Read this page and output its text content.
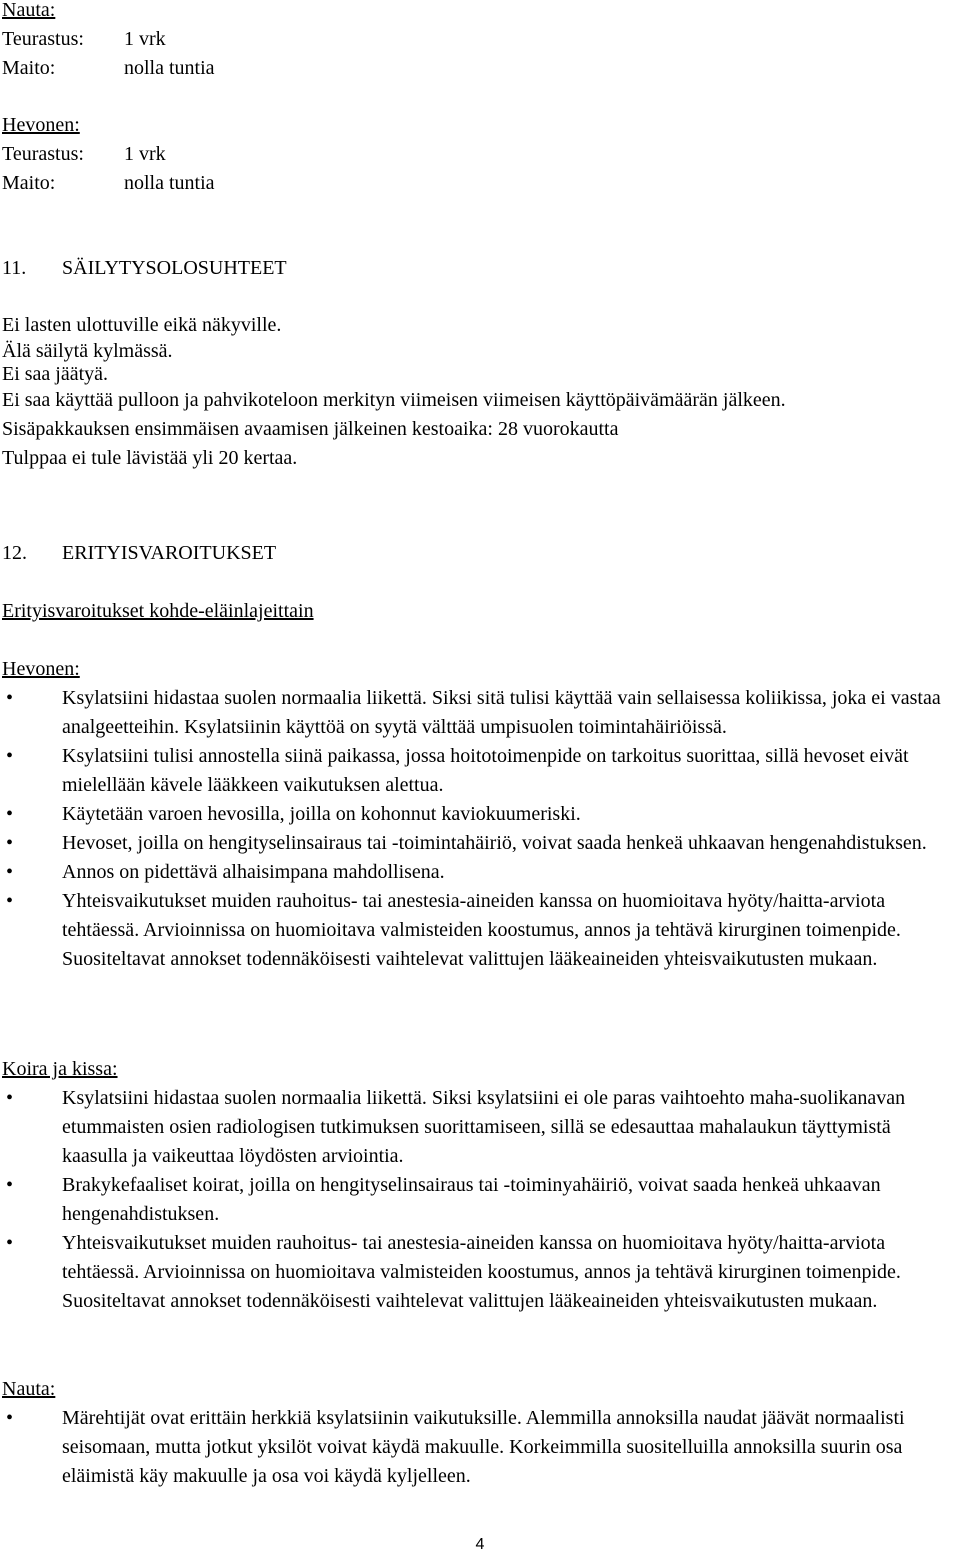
Nauta:
Teurastus:	1 vrk
Maito:	nolla tuntia
Hevonen:
Teurastus:	1 vrk
Maito:	nolla tuntia
11. SÄILYTYSOLOSUHTEET
Ei lasten ulottuville eikä näkyville.
Älä säilytä kylmässä.
Ei saa jäätyä.
Ei saa käyttää pulloon ja pahvikoteloon merkityn viimeisen viimeisen käyttöpäivämäärän jälkeen.
Sisäpakkauksen ensimmäisen avaamisen jälkeinen kestoaika: 28 vuorokautta
Tulppaa ei tule lävistää yli 20 kertaa.
12. ERITYISVAROITUKSET
Erityisvaroitukset kohde-eläinlajeittain
Hevonen:
• Ksylatsiini hidastaa suolen normaalia liikettä. Siksi sitä tulisi käyttää vain sellaisessa koliikissa, joka ei vastaa analgeetteihin. Ksylatsiinin käyttöä on syytä välttää umpisuolen toimintahäiriöissä.
• Ksylatsiini tulisi annostella siinä paikassa, jossa hoitotoimenpide on tarkoitus suorittaa, sillä hevoset eivät mielellään kävele lääkkeen vaikutuksen alettua.
• Käytetään varoen hevosilla, joilla on kohonnut kaviokuumeriski.
• Hevoset, joilla on hengityselinsairaus tai -toimintahäiriö, voivat saada henkeä uhkaavan hengenahdistuksen.
• Annos on pidettävä alhaisimpana mahdollisena.
• Yhteisvaikutukset muiden rauhoitus- tai anestesia-aineiden kanssa on huomioitava hyöty/haitta-arviota tehtäessä. Arvioinnissa on huomioitava valmisteiden koostumus, annos ja tehtävä kirurginen toimenpide. Suositeltavat annokset todennäköisesti vaihtelevat valittujen lääkeaineiden yhteisvaikutusten mukaan.
Koira ja kissa:
• Ksylatsiini hidastaa suolen normaalia liikettä. Siksi ksylatsiini ei ole paras vaihtoehto maha-suolikanavan etummaisten osien radiologisen tutkimuksen suorittamiseen, sillä se edesauttaa mahalaukun täyttymistä kaasulla ja vaikeuttaa löydösten arviointia.
• Brakykefaaliset koirat, joilla on hengityselinsairaus tai -toiminyahäiriö, voivat saada henkeä uhkaavan hengenahdistuksen.
• Yhteisvaikutukset muiden rauhoitus- tai anestesia-aineiden kanssa on huomioitava hyöty/haitta-arviota tehtäessä. Arvioinnissa on huomioitava valmisteiden koostumus, annos ja tehtävä kirurginen toimenpide. Suositeltavat annokset todennäköisesti vaihtelevat valittujen lääkeaineiden yhteisvaikutusten mukaan.
Nauta:
• Märehtijät ovat erittäin herkkiä ksylatsiinin vaikutuksille. Alemmilla annoksilla naudat jäävät normaalisti seisomaan, mutta jotkut yksilöt voivat käydä makuulle. Korkeimmilla suositelluilla annoksilla suurin osa eläimistä käy makuulle ja osa voi käydä kyljelleen.
4
